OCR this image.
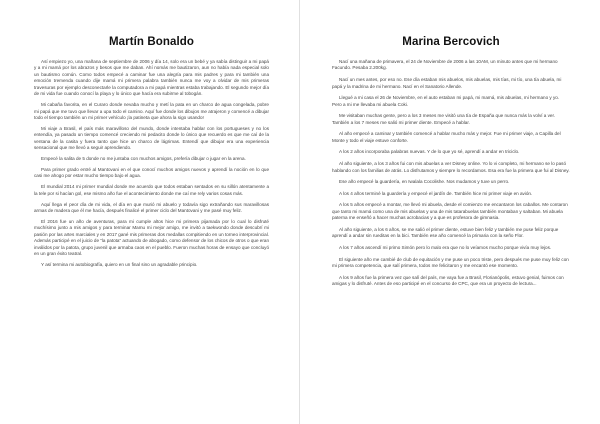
Martín Bonaldo

Así empiezo yo, una mañana de septiembre de 2006 y día 14, solo era un bebé y ya sabía distinguir a mi papá y a mi mamá por los abrazos y besos que me daban. Ahí nomás me bautizaron, aun no había nada especial solo un bautismo común. Como todos empecé a caminar fue una alegría para mis padres y para mi también una emoción tremenda cuando dije mamá mi primera palabra también nunca me voy a olvidar de mis primeras travesuras por ejemplo desconectarle la computadora a mi papá mientras estaba trabajando. El segundo mejor día de mi vida fue cuando conocí la playa y lo único que hacía era subirme al tobogán.

Mi cabaña favorita, en el Curaro donde nevaba mucho y metí la pata en un charco de agua congelada, pobre mi papá que me tuvo que llevar a upa todo el camino. Aquí fue donde los dibujos me atrajeron y comencé a dibujar todo el tiempo también un mi primer vehículo ¡la patineta que ahora la sigo usando!

Mi viaje a Brasil, el país más maravilloso del mundo, donde intentaba hablar con los portugueses y no los entendía, ya pasado un tiempo comencé creciendo mi pedacito donde lo único que recuerdo es que me caí de la ventana de la casita y fuera tanto que hice un charco de lágrimas. Entendí que dibujar era una experiencia sensacional que me llevó a seguir aprendiendo.

Empecé la salita de 5 donde no me juntaba con muchos amigos, prefería dibujar o jugar en la arena.

Para primer grado entré al Mantovani en el que conocí muchos amigos nuevos y aprendí la noción en lo que casi me ahogo por estar mucho tiempo bajo el agua.

El mundial 2014 mi primer mundial donde me acuerdo que todos estaban sentados en su sillón atentamente a la tele por si hacían gol, ese mismo año fue el acontecimiento donde me caí me rely varios cosas más.

Aquí llega el peor día de mi vida, el día en que murió mi abuelo y todavía sigo extrañando sus maravillosas armas de madera que él me hacía, después finalicé el primer ciclo del Mantovani y me pasé muy feliz.

El 2016 fue un año de aventuras, para mi cumple altos hice mi primera pijamada por lo cual lo disfruté muchísimo junto a mis amigos y para terminar Mamu mi mejor amigo, me invitó a taekwondo donde descubrí mi pasión por las artes marciales y en 2017 gané mis primeras dos medallas compitiendo en un torneo interprovincial. Además participé en el juicio de “la patota” actuando de abogado, como defensor de los chicos de otros o que eran inválidos por la patota, grupo juvenil que armaba caos en el pueblo. Fueron muchas horas de ensayo que concluyó en un gran éxito teatral.

Y así termina mi autobiografía, quiero en un final sino un agradable principio.

Marina Bercovich

Nací una mañana de primavera, el 24 de Noviembre de 2006 a las 10AM, un minuto antes que mi hermano Facundo. Pesaba 2.200kg.

Nací un mes antes, por eso no. Ese día estaban mis abuelos, mis abuelas, mis tías, mi tío, una tía abuela, mi papá y la madrina de mi hermano. Nací en el Sanatorio Allende.

Llegué a mi casa el 26 de Noviembre, en el auto estaban mi papá, mi mamá, mis abuelas, mi hermano y yo. Pero a mi me llevaba mi abuela Coki.

Me visitaban muchas gente, pero a los 3 meses me visitó una tía de España que nunca más la volví a ver. También a los 7 meses me salió mi primer diente. Empecé a hablar.

Al año empecé a caminar y también comencé a hablar mucho más y mejor. Fue mi primer viaje, a Capilla del Monte y todo el viaje estuve conforte.

A los 2 años incorporaba palabras nuevas. Y de lo que yo sé, aprendí a andar en triciclo.

Al año siguiente, a los 3 años fui con mis abuelas a ver Disney online. Yo lo vi completo, mi hermano se lo pasó hablando con los familias de atrás. Lo disfrutamos y siempre lo recordamos. Esa era fue la primera que fui al Disney.

Ese año empecé la guardería, en Iwalala Cocolishe. Nos mudamos y tuve un perro.

A los 4 años terminé la guardería y empecé el jardín de. También hice mi primer viaje en avión.

A los 5 años empecé a montar, me llevó mi abuela, desde el comienzo me encantaron los caballos. Me contaron que tanto mi mamá como una de mis abuelas y una de mis tatarabuelas también montaban y saltaban. Mi abuela paterna me enseñó a hacer muchas acrobacias y a que es profesora de gimnasia.

Al año siguiente, a los 6 años, se me salió el primer diente, estuve bien feliz y también me puse feliz porque aprendí a andar sin rueditas en la bici. También ese año comencé la primaria con la seño Flor.

A los 7 años ascendí mi primo Simón pero lo malo era que no lo veíamos mucho porque vivía muy lejos.

El siguiente año me cambié de club de equitación y me puse un poco triste, pero después me puse muy feliz con mi primera competencia, que salí primera, todos me felicitaron y me encantó ese momento.

A los 9 años fue la primera vez que salí del país, me vaya fue a Brasil, Florianópolis, estuvo genial, fuimos con amigas y lo disfruté. Antes de eso participé en el concurso de CPC, que era un proyecto de lectura...
